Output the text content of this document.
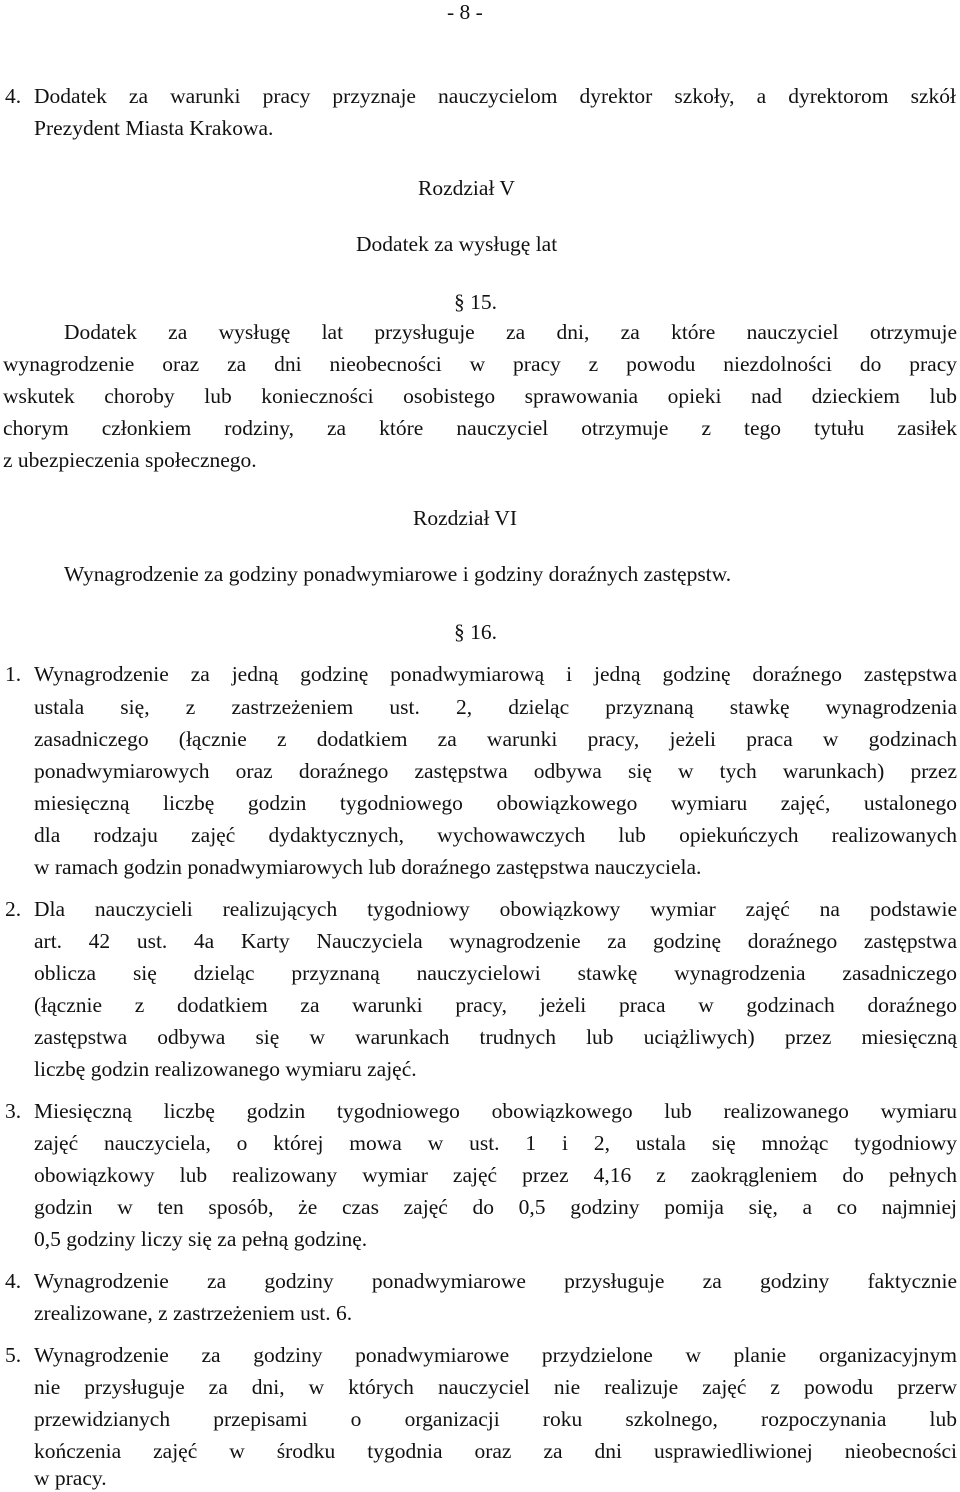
- 8 -
4. Dodatek za warunki pracy przyznaje nauczycielom dyrektor szkoły, a dyrektorom szkół
Prezydent Miasta Krakowa.
Rozdział V
Dodatek za wysługę lat
§ 15.
Dodatek za wysługę lat przysługuje za dni, za które nauczyciel otrzymuje
wynagrodzenie oraz za dni nieobecności w pracy z powodu niezdolności do pracy
wskutek choroby lub konieczności osobistego sprawowania opieki nad dzieckiem lub
chorym członkiem rodziny, za które nauczyciel otrzymuje z tego tytułu zasiłek
z ubezpieczenia społecznego.
Rozdział VI
Wynagrodzenie za godziny ponadwymiarowe i godziny doraźnych zastępstw.
§ 16.
1. Wynagrodzenie za jedną godzinę ponadwymiarową i jedną godzinę doraźnego zastępstwa
ustala się, z zastrzeżeniem ust. 2, dzieląc przyznaną stawkę wynagrodzenia
zasadniczego (łącznie z dodatkiem za warunki pracy, jeżeli praca w godzinach
ponadwymiarowych oraz doraźnego zastępstwa odbywa się w tych warunkach) przez
miesięczną liczbę godzin tygodniowego obowiązkowego wymiaru zajęć, ustalonego
dla rodzaju zajęć dydaktycznych, wychowawczych lub opiekuńczych realizowanych
w ramach godzin ponadwymiarowych lub doraźnego zastępstwa nauczyciela.
2. Dla nauczycieli realizujących tygodniowy obowiązkowy wymiar zajęć na podstawie
art. 42 ust. 4a Karty Nauczyciela wynagrodzenie za godzinę doraźnego zastępstwa
oblicza się dzieląc przyznaną nauczycielowi stawkę wynagrodzenia zasadniczego
(łącznie z dodatkiem za warunki pracy, jeżeli praca w godzinach doraźnego
zastępstwa odbywa się w warunkach trudnych lub uciążliwych) przez miesięczną
liczbę godzin realizowanego wymiaru zajęć.
3. Miesięczną liczbę godzin tygodniowego obowiązkowego lub realizowanego wymiaru
zajęć nauczyciela, o której mowa w ust. 1 i 2, ustala się mnożąc tygodniowy
obowiązkowy lub realizowany wymiar zajęć przez 4,16 z zaokrągleniem do pełnych
godzin w ten sposób, że czas zajęć do 0,5 godziny pomija się, a co najmniej
0,5 godziny liczy się za pełną godzinę.
4. Wynagrodzenie za godziny ponadwymiarowe przysługuje za godziny faktycznie
zrealizowane, z zastrzeżeniem ust. 6.
5. Wynagrodzenie za godziny ponadwymiarowe przydzielone w planie organizacyjnym
nie przysługuje za dni, w których nauczyciel nie realizuje zajęć z powodu przerw
przewidzianych przepisami o organizacji roku szkolnego, rozpoczynania lub
kończenia zajęć w środku tygodnia oraz za dni usprawiedliwionej nieobecności
w pracy.
